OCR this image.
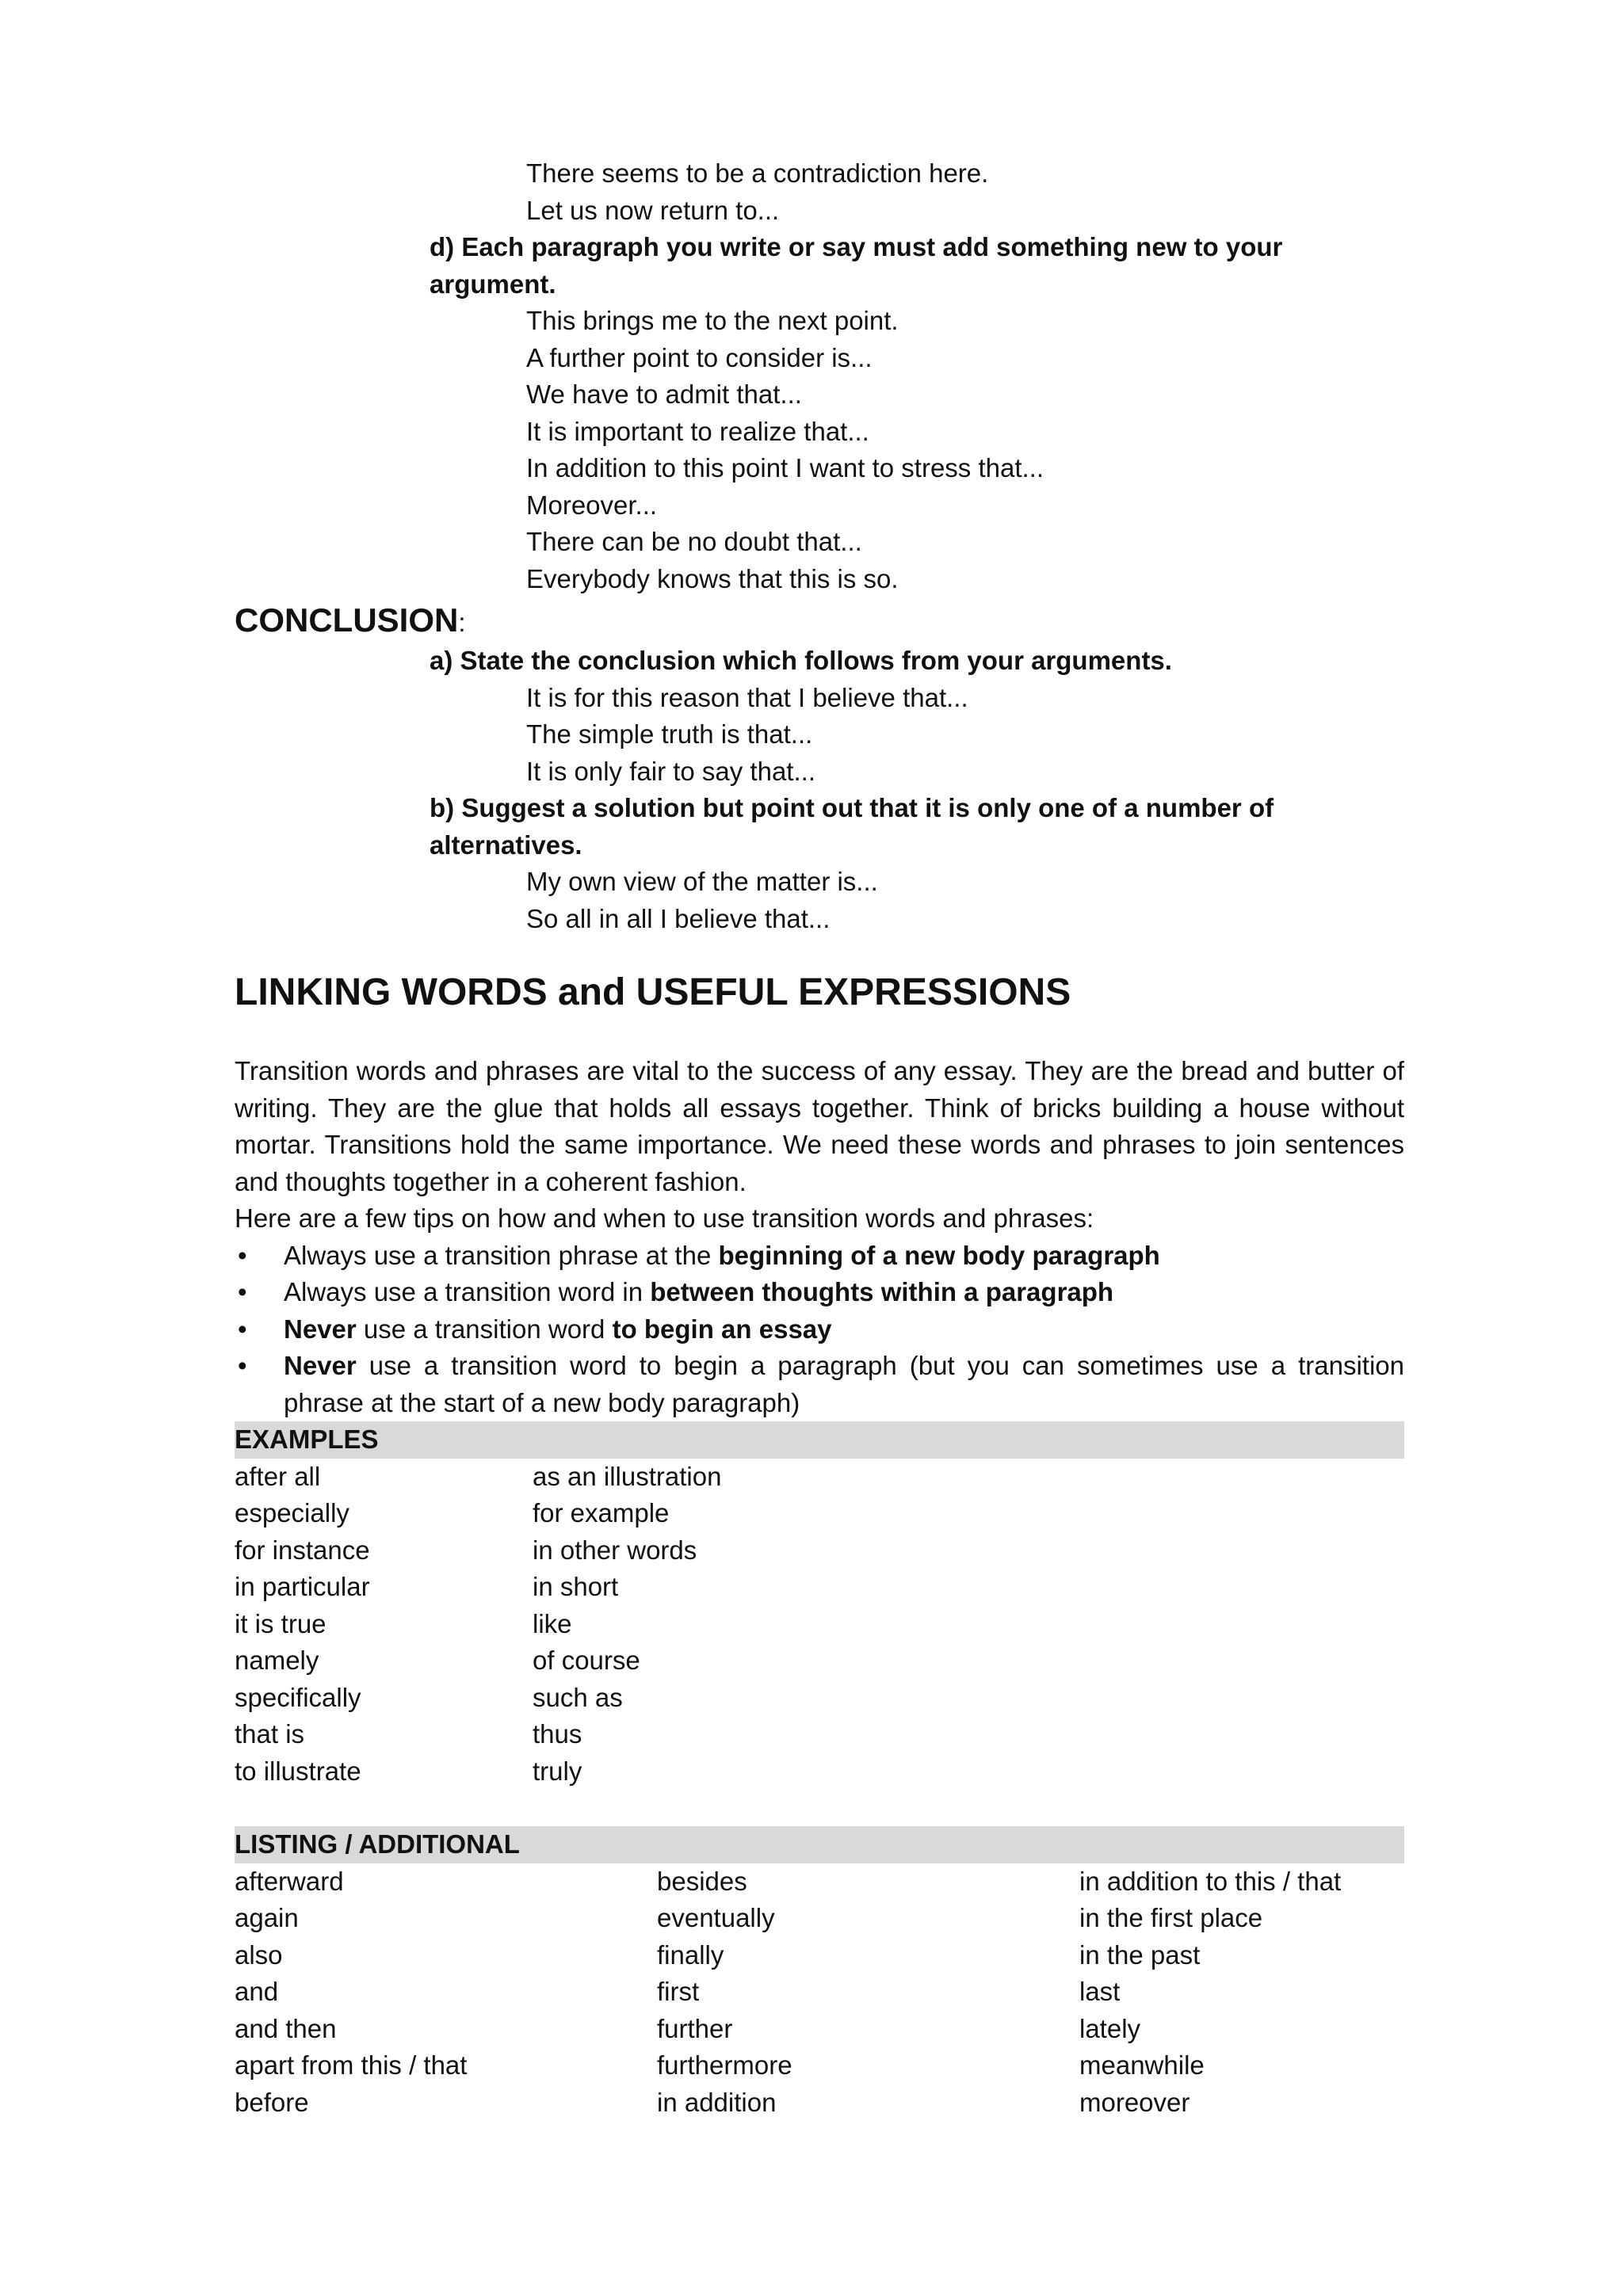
There seems to be a contradiction here.
Let us now return to...
d) Each paragraph you write or say must add something new to your
argument.
This brings me to the next point.
A further point to consider is...
We have to admit that...
It is important to realize that...
In addition to this point I want to stress that...
Moreover...
There can be no doubt that...
Everybody knows that this is so.
CONCLUSION:
a) State the conclusion which follows from your arguments.
It is for this reason that I believe that...
The simple truth is that...
It is only fair to say that...
b) Suggest a solution but point out that it is only one of a number of
alternatives.
My own view of the matter is...
So all in all I believe that...
LINKING WORDS and USEFUL EXPRESSIONS
Transition words and phrases are vital to the success of any essay. They are the bread and butter of writing. They are the glue that holds all essays together. Think of bricks building a house without mortar. Transitions hold the same importance. We need these words and phrases to join sentences and thoughts together in a coherent fashion.
Here are a few tips on how and when to use transition words and phrases:
• Always use a transition phrase at the beginning of a new body paragraph
• Always use a transition word in between thoughts within a paragraph
• Never use a transition word to begin an essay
• Never use a transition word to begin a paragraph (but you can sometimes use a transition phrase at the start of a new body paragraph)
EXAMPLES
after all
especially
for instance
in particular
it is true
namely
specifically
that is
to illustrate
as an illustration
for example
in other words
in short
like
of course
such as
thus
truly
LISTING / ADDITIONAL
afterward
again
also
and
and then
apart from this / that
before
besides
eventually
finally
first
further
furthermore
in addition
in addition to this / that
in the first place
in the past
last
lately
meanwhile
moreover
